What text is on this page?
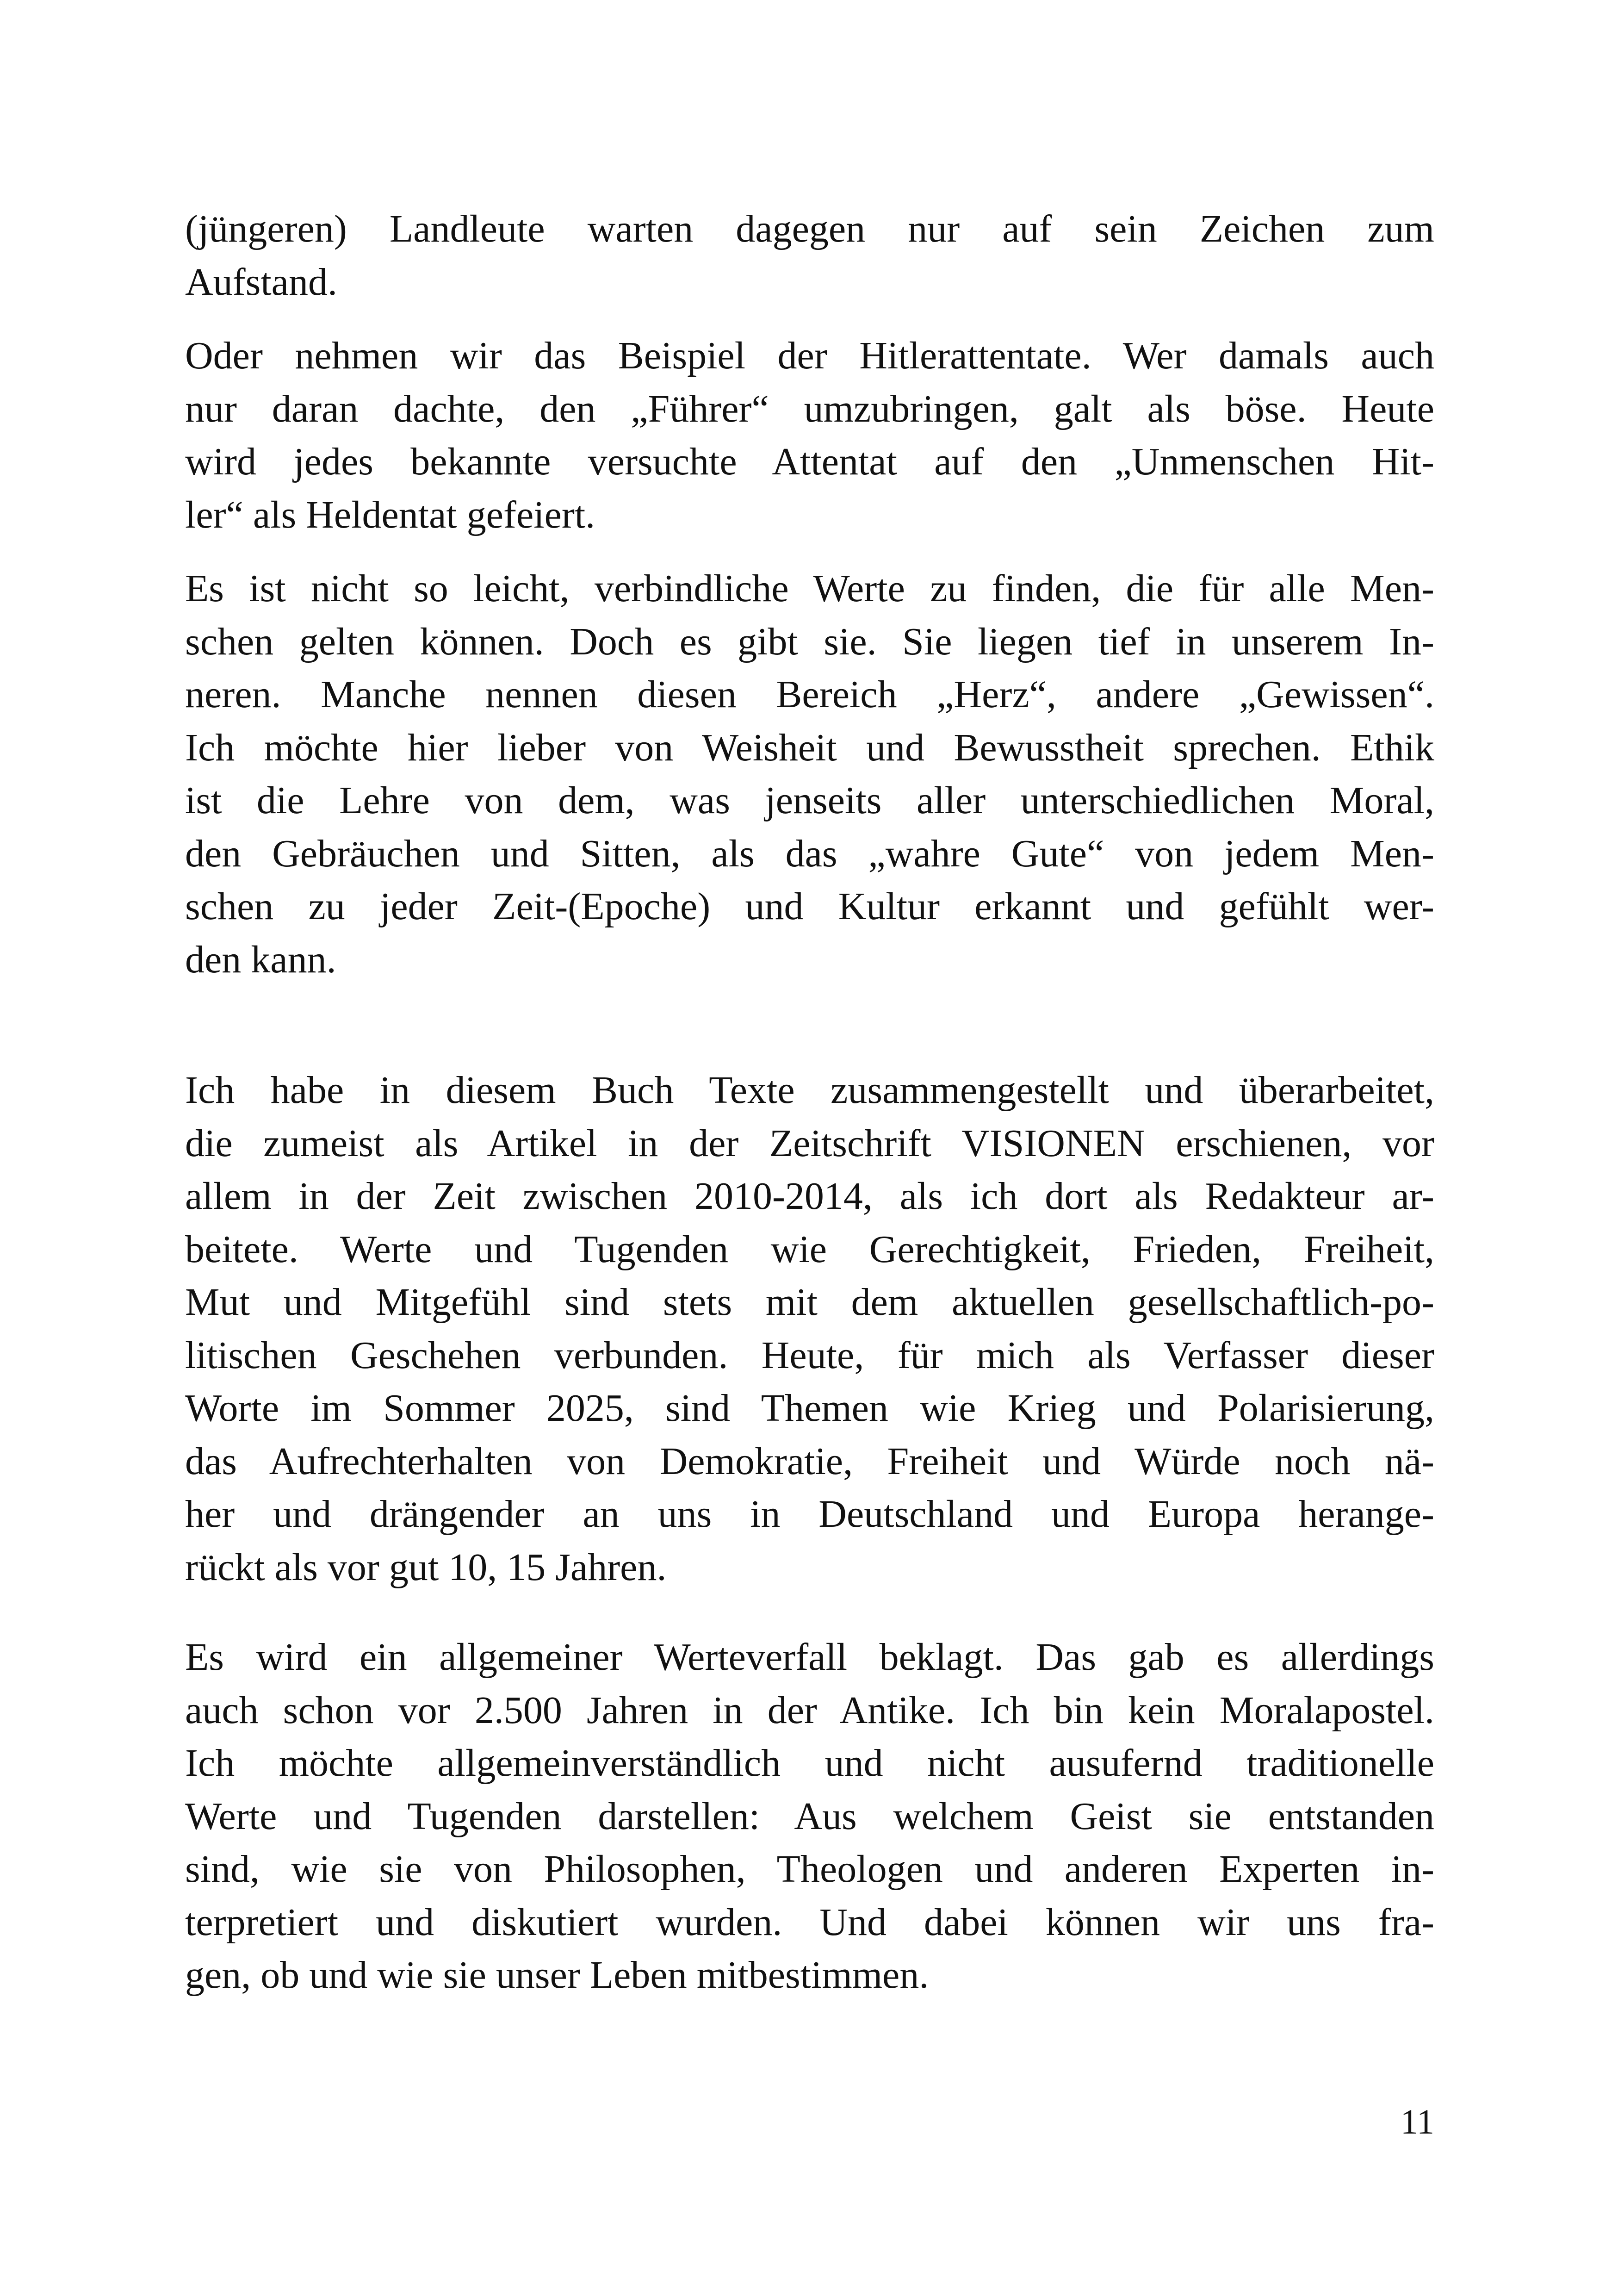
(jüngeren) Landleute warten dagegen nur auf sein Zeichen zum
Aufstand.
Oder nehmen wir das Beispiel der Hitlerattentate. Wer damals auch
nur daran dachte, den „Führer“ umzubringen, galt als böse. Heute
wird jedes bekannte versuchte Attentat auf den „Unmenschen Hit-
ler“ als Heldentat gefeiert.
Es ist nicht so leicht, verbindliche Werte zu finden, die für alle Men-
schen gelten können. Doch es gibt sie. Sie liegen tief in unserem In-
neren. Manche nennen diesen Bereich „Herz“, andere „Gewissen“.
Ich möchte hier lieber von Weisheit und Bewusstheit sprechen. Ethik
ist die Lehre von dem, was jenseits aller unterschiedlichen Moral,
den Gebräuchen und Sitten, als das „wahre Gute“ von jedem Men-
schen zu jeder Zeit-(Epoche) und Kultur erkannt und gefühlt wer-
den kann.
Ich habe in diesem Buch Texte zusammengestellt und überarbeitet,
die zumeist als Artikel in der Zeitschrift VISIONEN erschienen, vor
allem in der Zeit zwischen 2010-2014, als ich dort als Redakteur ar-
beitete. Werte und Tugenden wie Gerechtigkeit, Frieden, Freiheit,
Mut und Mitgefühl sind stets mit dem aktuellen gesellschaftlich-po-
litischen Geschehen verbunden. Heute, für mich als Verfasser dieser
Worte im Sommer 2025, sind Themen wie Krieg und Polarisierung,
das Aufrechterhalten von Demokratie, Freiheit und Würde noch nä-
her und drängender an uns in Deutschland und Europa herange-
rückt als vor gut 10, 15 Jahren.
Es wird ein allgemeiner Werteverfall beklagt. Das gab es allerdings
auch schon vor 2.500 Jahren in der Antike. Ich bin kein Moralapostel.
Ich möchte allgemeinverständlich und nicht ausufernd traditionelle
Werte und Tugenden darstellen: Aus welchem Geist sie entstanden
sind, wie sie von Philosophen, Theologen und anderen Experten in-
terpretiert und diskutiert wurden. Und dabei können wir uns fra-
gen, ob und wie sie unser Leben mitbestimmen.
11
